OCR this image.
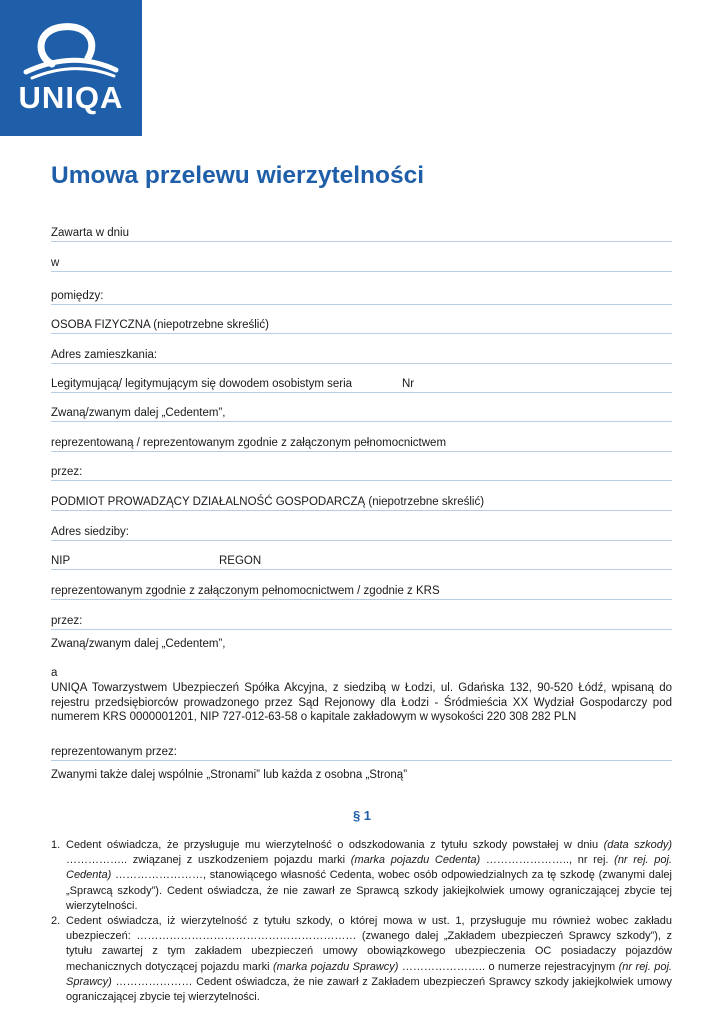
UNIQA
Umowa przelewu wierzytelności
Zawarta w dniu
w
pomiędzy:
OSOBA FIZYCZNA (niepotrzebne skreślić)
Adres zamieszkania:
Legitymującą/ legitymującym się dowodem osobistym seria	Nr
Zwaną/zwanym dalej „Cedentem”,
reprezentowaną / reprezentowanym zgodnie z załączonym pełnomocnictwem
przez:
PODMIOT PROWADZĄCY DZIAŁALNOŚĆ GOSPODARCZĄ (niepotrzebne skreślić)
Adres siedziby:
NIP	REGON
reprezentowanym zgodnie z załączonym pełnomocnictwem / zgodnie z KRS
przez:
Zwaną/zwanym dalej „Cedentem”,
a
UNIQA Towarzystwem Ubezpieczeń Spółka Akcyjna, z siedzibą w Łodzi, ul. Gdańska 132, 90-520 Łódź, wpisaną do rejestru przedsiębiorców prowadzonego przez Sąd Rejonowy dla Łodzi - Śródmieścia XX Wydział Gospodarczy pod numerem KRS 0000001201, NIP 727-012-63-58 o kapitale zakładowym w wysokości 220 308 282 PLN
reprezentowanym przez:
Zwanymi także dalej wspólnie „Stronami” lub każda z osobna „Stroną”
§ 1
1. Cedent oświadcza, że przysługuje mu wierzytelność o odszkodowania z tytułu szkody powstałej w dniu (data szkody) …………….. związanej z uszkodzeniem pojazdu marki (marka pojazdu Cedenta) ………………….., nr rej. (nr rej. poj. Cedenta) ……………………, stanowiącego własność Cedenta, wobec osób odpowiedzialnych za tę szkodę (zwanymi dalej „Sprawcą szkody”). Cedent oświadcza, że nie zawarł ze Sprawcą szkody jakiejkolwiek umowy ograniczającej zbycie tej wierzytelności.
2. Cedent oświadcza, iż wierzytelność z tytułu szkody, o której mowa w ust. 1, przysługuje mu również wobec zakładu ubezpieczeń: …………………………………………………… (zwanego dalej „Zakładem ubezpieczeń Sprawcy szkody”), z tytułu zawartej z tym zakładem ubezpieczeń umowy obowiązkowego ubezpieczenia OC posiadaczy pojazdów mechanicznych dotyczącej pojazdu marki (marka pojazdu Sprawcy) ………………….. o numerze rejestracyjnym (nr rej. poj. Sprawcy) ………………… Cedent oświadcza, że nie zawarł z Zakładem ubezpieczeń Sprawcy szkody jakiejkolwiek umowy ograniczającej zbycie tej wierzytelności.
